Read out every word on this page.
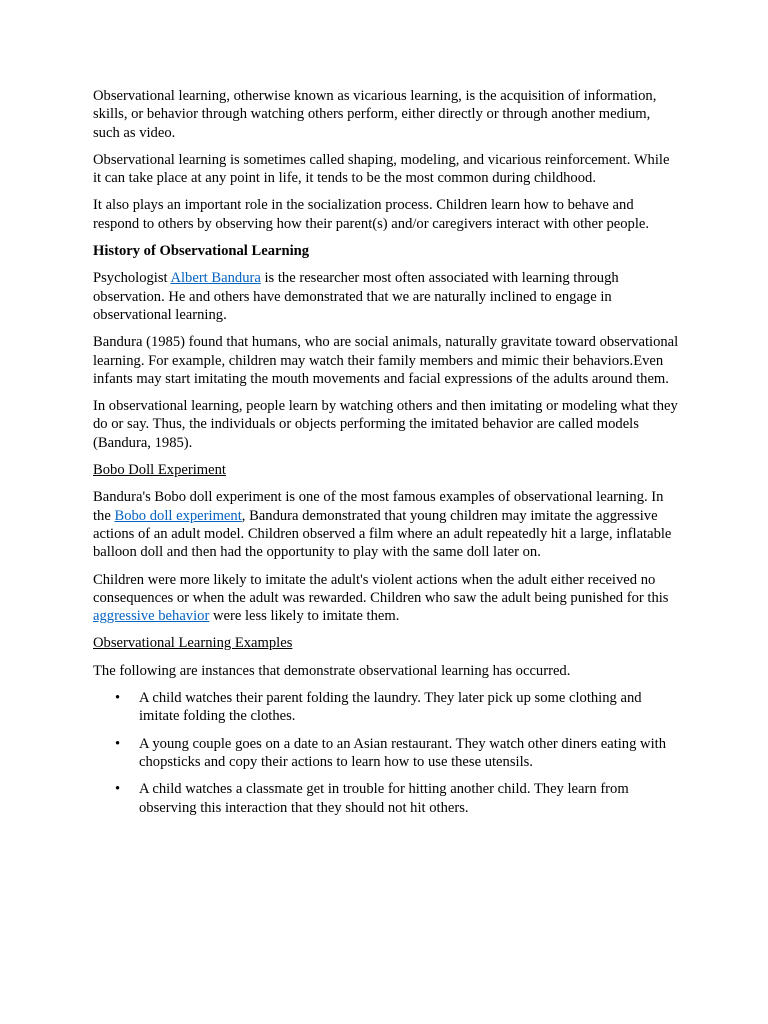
Observational learning, otherwise known as vicarious learning, is the acquisition of information, skills, or behavior through watching others perform, either directly or through another medium, such as video.

Observational learning is sometimes called shaping, modeling, and vicarious reinforcement. While it can take place at any point in life, it tends to be the most common during childhood.

It also plays an important role in the socialization process. Children learn how to behave and respond to others by observing how their parent(s) and/or caregivers interact with other people.

History of Observational Learning

Psychologist Albert Bandura is the researcher most often associated with learning through observation. He and others have demonstrated that we are naturally inclined to engage in observational learning.

Bandura (1985) found that humans, who are social animals, naturally gravitate toward observational learning. For example, children may watch their family members and mimic their behaviors.Even infants may start imitating the mouth movements and facial expressions of the adults around them.

In observational learning, people learn by watching others and then imitating or modeling what they do or say. Thus, the individuals or objects performing the imitated behavior are called models (Bandura, 1985).

Bobo Doll Experiment

Bandura's Bobo doll experiment is one of the most famous examples of observational learning. In the Bobo doll experiment, Bandura demonstrated that young children may imitate the aggressive actions of an adult model. Children observed a film where an adult repeatedly hit a large, inflatable balloon doll and then had the opportunity to play with the same doll later on.

Children were more likely to imitate the adult's violent actions when the adult either received no consequences or when the adult was rewarded. Children who saw the adult being punished for this aggressive behavior were less likely to imitate them.

Observational Learning Examples

The following are instances that demonstrate observational learning has occurred.

• A child watches their parent folding the laundry. They later pick up some clothing and imitate folding the clothes.
• A young couple goes on a date to an Asian restaurant. They watch other diners eating with chopsticks and copy their actions to learn how to use these utensils.
• A child watches a classmate get in trouble for hitting another child. They learn from observing this interaction that they should not hit others.
